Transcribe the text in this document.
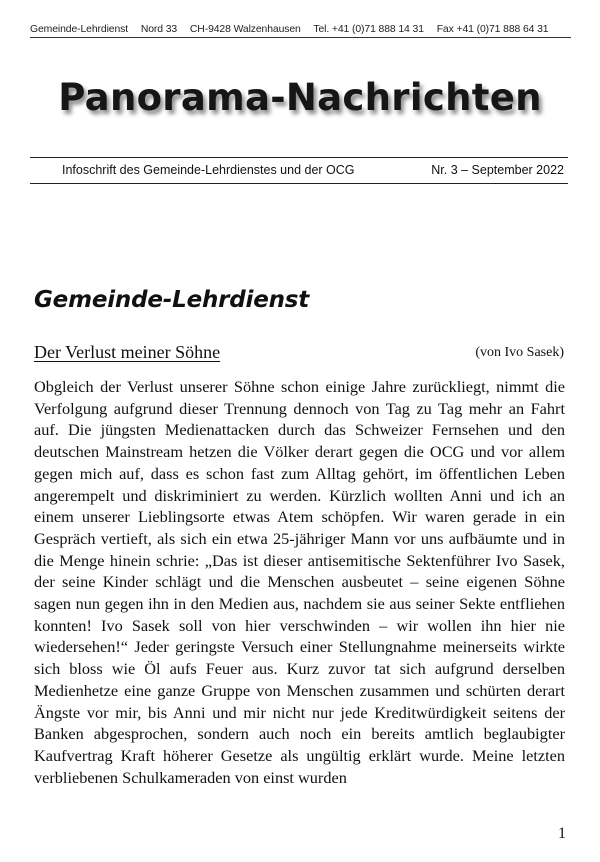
Gemeinde-Lehrdienst Nord 33 CH-9428 Walzenhausen Tel. +41 (0)71 888 14 31 Fax +41 (0)71 888 64 31
Panorama-Nachrichten
Infoschrift des Gemeinde-Lehrdienstes und der OCG	Nr. 3 – September 2022
Gemeinde-Lehrdienst
Der Verlust meiner Söhne	(von Ivo Sasek)

Obgleich der Verlust unserer Söhne schon einige Jahre zurückliegt, nimmt die Verfolgung aufgrund dieser Trennung dennoch von Tag zu Tag mehr an Fahrt auf. Die jüngsten Medienattacken durch das Schweizer Fernsehen und den deutschen Mainstream hetzen die Völker derart gegen die OCG und vor allem gegen mich auf, dass es schon fast zum Alltag gehört, im öffentlichen Leben angerempelt und diskriminiert zu werden. Kürzlich wollten Anni und ich an einem unserer Lieblingsorte etwas Atem schöpfen. Wir waren gerade in ein Gespräch vertieft, als sich ein etwa 25-jähriger Mann vor uns aufbäumte und in die Menge hinein schrie: „Das ist dieser antisemitische Sektenführer Ivo Sasek, der seine Kinder schlägt und die Menschen ausbeutet – seine eigenen Söhne sagen nun gegen ihn in den Medien aus, nachdem sie aus seiner Sekte entfliehen konnten! Ivo Sasek soll von hier verschwinden – wir wollen ihn hier nie wiedersehen!“ Jeder geringste Versuch einer Stellungnahme meinerseits wirkte sich bloss wie Öl aufs Feuer aus. Kurz zuvor tat sich aufgrund derselben Medienhetze eine ganze Gruppe von Menschen zusammen und schürten derart Ängste vor mir, bis Anni und mir nicht nur jede Kreditwürdigkeit seitens der Banken abgesprochen, sondern auch noch ein bereits amtlich beglaubigter Kaufvertrag Kraft höherer Gesetze als ungültig erklärt wurde. Meine letzten verbliebenen Schulkameraden von einst wurden

1
